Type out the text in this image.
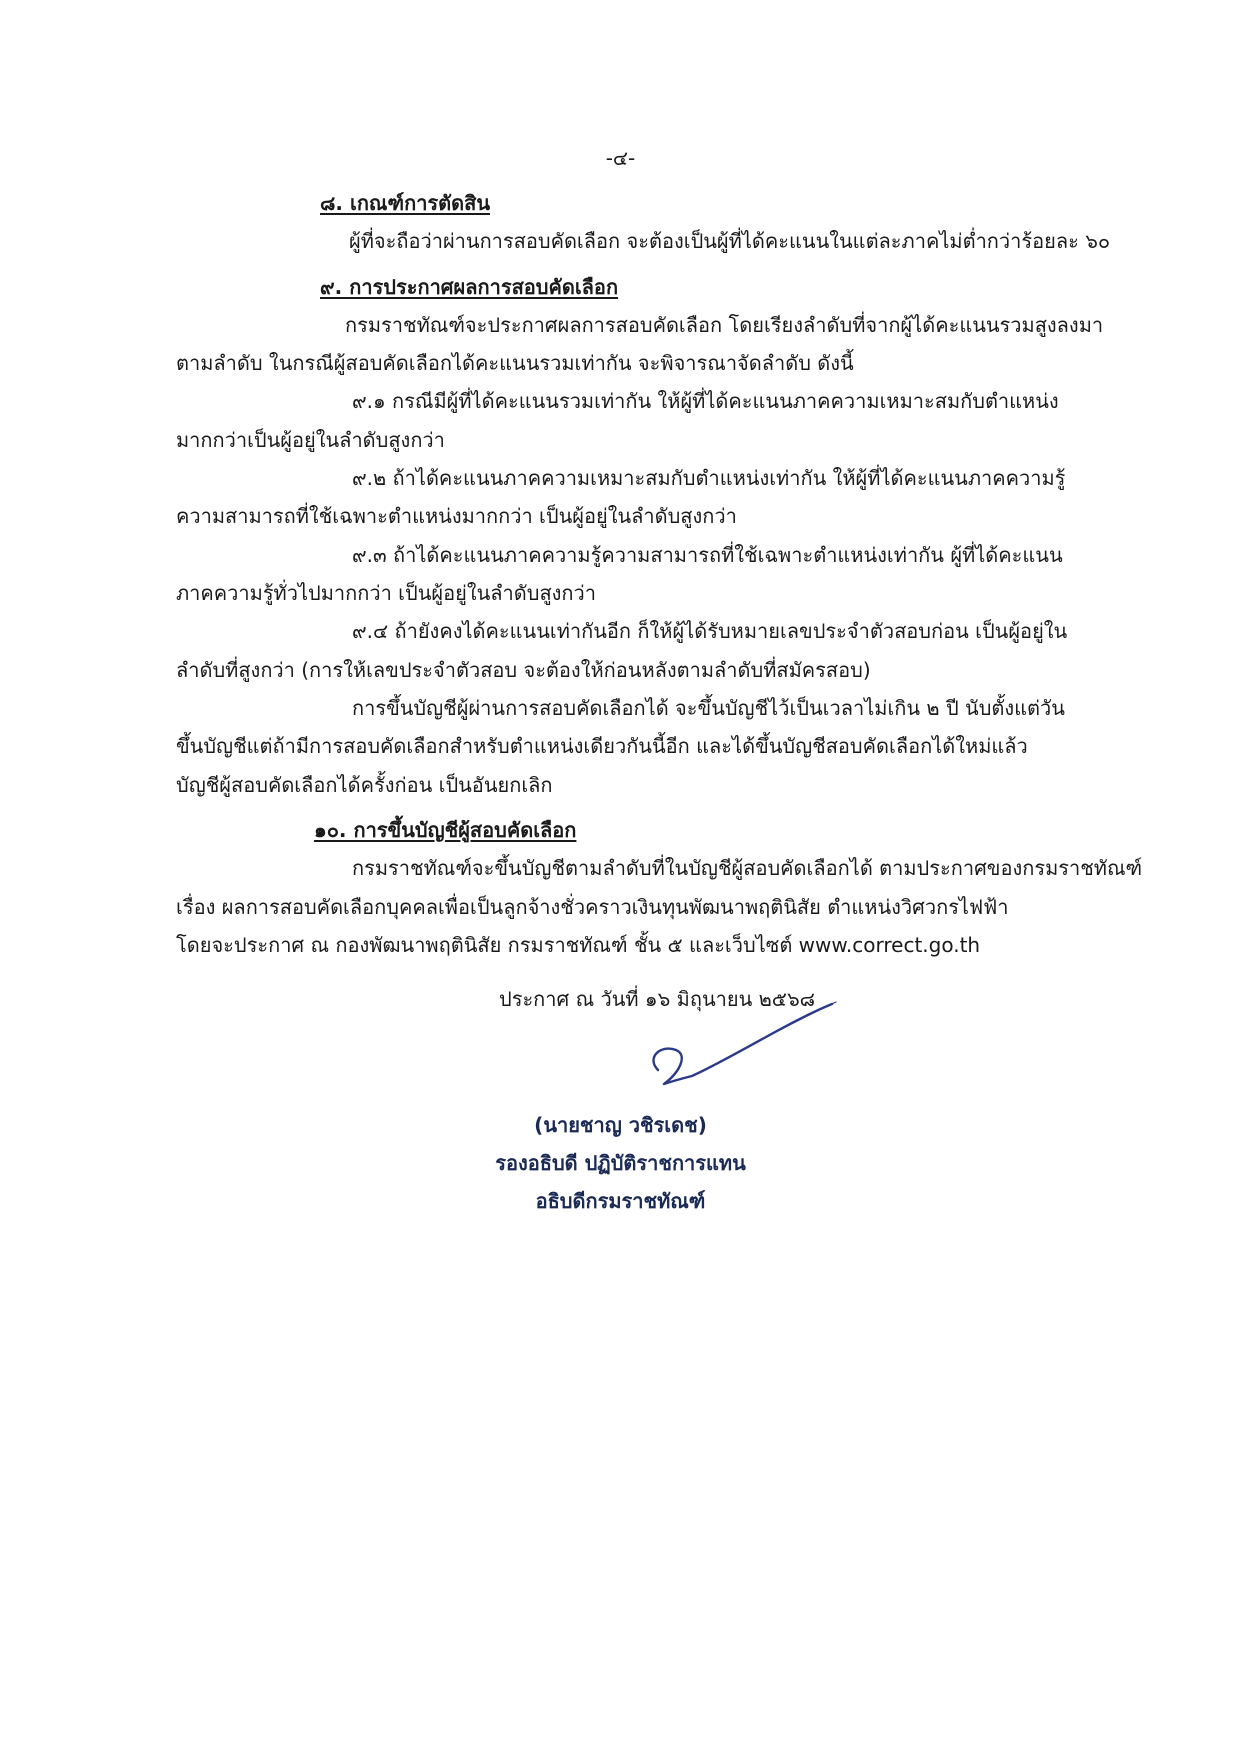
-๔-
๘. เกณฑ์การตัดสิน
ผู้ที่จะถือว่าผ่านการสอบคัดเลือก จะต้องเป็นผู้ที่ได้คะแนนในแต่ละภาคไม่ต่ำกว่าร้อยละ ๖๐
๙. การประกาศผลการสอบคัดเลือก
กรมราชทัณฑ์จะประกาศผลการสอบคัดเลือก โดยเรียงลำดับที่จากผู้ได้คะแนนรวมสูงลงมา
ตามลำดับ ในกรณีผู้สอบคัดเลือกได้คะแนนรวมเท่ากัน จะพิจารณาจัดลำดับ ดังนี้
๙.๑ กรณีมีผู้ที่ได้คะแนนรวมเท่ากัน ให้ผู้ที่ได้คะแนนภาคความเหมาะสมกับตำแหน่ง
มากกว่าเป็นผู้อยู่ในลำดับสูงกว่า
๙.๒ ถ้าได้คะแนนภาคความเหมาะสมกับตำแหน่งเท่ากัน ให้ผู้ที่ได้คะแนนภาคความรู้
ความสามารถที่ใช้เฉพาะตำแหน่งมากกว่า เป็นผู้อยู่ในลำดับสูงกว่า
๙.๓ ถ้าได้คะแนนภาคความรู้ความสามารถที่ใช้เฉพาะตำแหน่งเท่ากัน ผู้ที่ได้คะแนน
ภาคความรู้ทั่วไปมากกว่า เป็นผู้อยู่ในลำดับสูงกว่า
๙.๔ ถ้ายังคงได้คะแนนเท่ากันอีก ก็ให้ผู้ได้รับหมายเลขประจำตัวสอบก่อน เป็นผู้อยู่ใน
ลำดับที่สูงกว่า (การให้เลขประจำตัวสอบ จะต้องให้ก่อนหลังตามลำดับที่สมัครสอบ)
การขึ้นบัญชีผู้ผ่านการสอบคัดเลือกได้ จะขึ้นบัญชีไว้เป็นเวลาไม่เกิน ๒ ปี นับตั้งแต่วัน
ขึ้นบัญชีแต่ถ้ามีการสอบคัดเลือกสำหรับตำแหน่งเดียวกันนี้อีก และได้ขึ้นบัญชีสอบคัดเลือกได้ใหม่แล้ว
บัญชีผู้สอบคัดเลือกได้ครั้งก่อน เป็นอันยกเลิก
๑๐. การขึ้นบัญชีผู้สอบคัดเลือก
กรมราชทัณฑ์จะขึ้นบัญชีตามลำดับที่ในบัญชีผู้สอบคัดเลือกได้ ตามประกาศของกรมราชทัณฑ์
เรื่อง ผลการสอบคัดเลือกบุคคลเพื่อเป็นลูกจ้างชั่วคราวเงินทุนพัฒนาพฤตินิสัย ตำแหน่งวิศวกรไฟฟ้า
โดยจะประกาศ ณ กองพัฒนาพฤตินิสัย กรมราชทัณฑ์ ชั้น ๕ และเว็บไซต์ www.correct.go.th
ประกาศ ณ วันที่ ๑๖ มิถุนายน ๒๕๖๘
(นายชาญ วชิรเดช)
รองอธิบดี ปฏิบัติราชการแทน
อธิบดีกรมราชทัณฑ์
